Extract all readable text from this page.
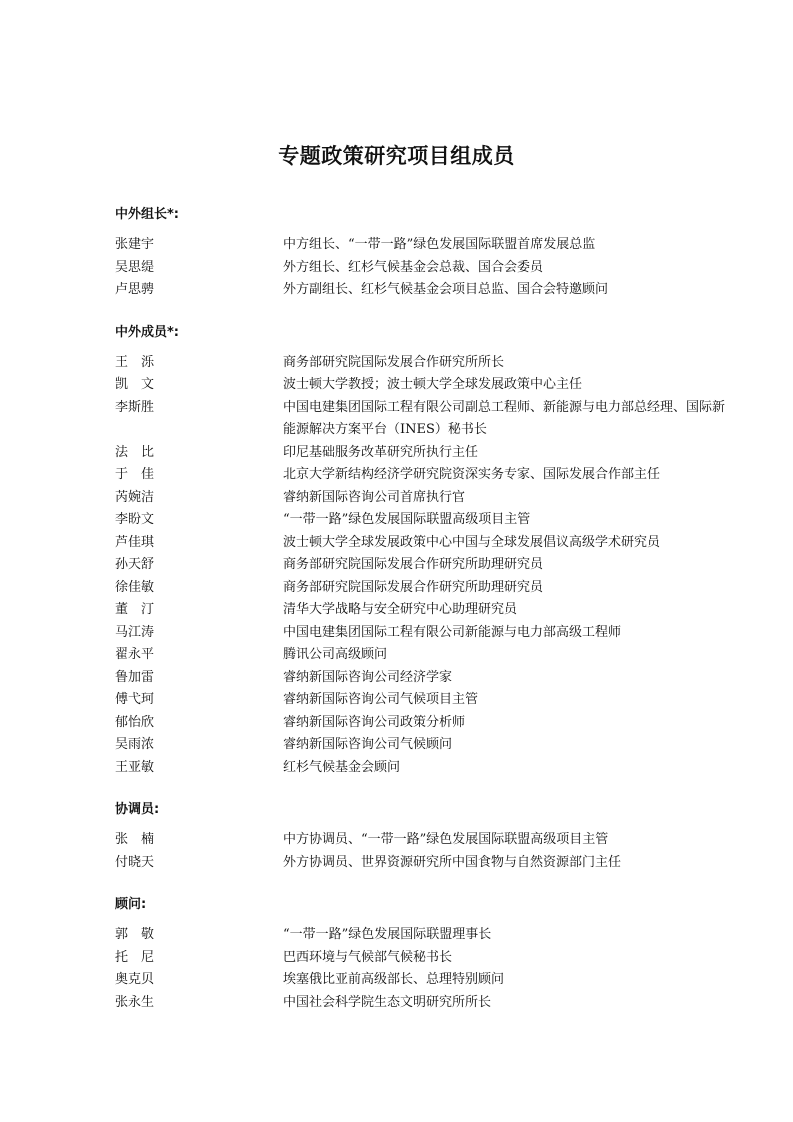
专题政策研究项目组成员
中外组长*:
张建宇	中方组长、“一带一路”绿色发展国际联盟首席发展总监
吴思缇	外方组长、红杉气候基金会总裁、国合会委员
卢思骋	外方副组长、红杉气候基金会项目总监、国合会特邀顾问
中外成员*:
王　泺	商务部研究院国际发展合作研究所所长
凯　文	波士顿大学教授；波士顿大学全球发展政策中心主任
李斯胜	中国电建集团国际工程有限公司副总工程师、新能源与电力部总经理、国际新能源解决方案平台（INES）秘书长
法　比	印尼基础服务改革研究所执行主任
于　佳	北京大学新结构经济学研究院资深实务专家、国际发展合作部主任
芮婉洁	睿纳新国际咨询公司首席执行官
李盼文	“一带一路”绿色发展国际联盟高级项目主管
芦佳琪	波士顿大学全球发展政策中心中国与全球发展倡议高级学术研究员
孙天舒	商务部研究院国际发展合作研究所助理研究员
徐佳敏	商务部研究院国际发展合作研究所助理研究员
董　汀	清华大学战略与安全研究中心助理研究员
马江涛	中国电建集团国际工程有限公司新能源与电力部高级工程师
翟永平	腾讯公司高级顾问
鲁加雷	睿纳新国际咨询公司经济学家
傅弋珂	睿纳新国际咨询公司气候项目主管
郁怡欣	睿纳新国际咨询公司政策分析师
吴雨浓	睿纳新国际咨询公司气候顾问
王亚敏	红杉气候基金会顾问
协调员:
张　楠	中方协调员、“一带一路”绿色发展国际联盟高级项目主管
付晓天	外方协调员、世界资源研究所中国食物与自然资源部门主任
顾问:
郭　敬	“一带一路”绿色发展国际联盟理事长
托　尼	巴西环境与气候部气候秘书长
奥克贝	埃塞俄比亚前高级部长、总理特别顾问
张永生	中国社会科学院生态文明研究所所长
